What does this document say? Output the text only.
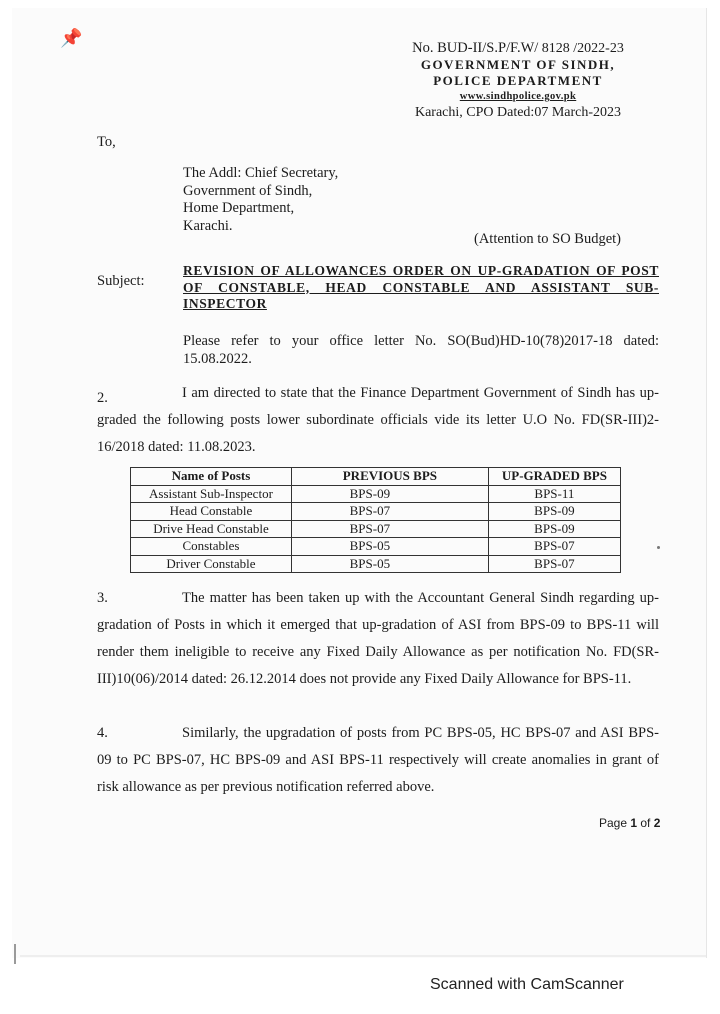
📌	No. BUD-II/S.P/F.W/ 8128 /2022-23
GOVERNMENT OF SINDH,
POLICE DEPARTMENT
www.sindhpolice.gov.pk
Karachi, CPO Dated:07 March-2023
To,
The Addl: Chief Secretary,
Government of Sindh,
Home Department,
Karachi.
(Attention to SO Budget)
Subject:
REVISION OF ALLOWANCES ORDER ON UP-GRADATION OF POST OF CONSTABLE, HEAD CONSTABLE AND ASSISTANT SUB-INSPECTOR
Please refer to your office letter No. SO(Bud)HD-10(78)2017-18 dated: 15.08.2022.
2.	I am directed to state that the Finance Department Government of Sindh has up-graded the following posts lower subordinate officials vide its letter U.O No. FD(SR-III)2-16/2018 dated: 11.08.2023.
Name of Posts	PREVIOUS BPS	UP-GRADED BPS
Assistant Sub-Inspector	BPS-09	BPS-11
Head Constable	BPS-07	BPS-09
Drive Head Constable	BPS-07	BPS-09
Constables	BPS-05	BPS-07
Driver Constable	BPS-05	BPS-07
3.	The matter has been taken up with the Accountant General Sindh regarding up-gradation of Posts in which it emerged that up-gradation of ASI from BPS-09 to BPS-11 will render them ineligible to receive any Fixed Daily Allowance as per notification No. FD(SR-III)10(06)/2014 dated: 26.12.2014 does not provide any Fixed Daily Allowance for BPS-11.
4.	Similarly, the upgradation of posts from PC BPS-05, HC BPS-07 and ASI BPS-09 to PC BPS-07, HC BPS-09 and ASI BPS-11 respectively will create anomalies in grant of risk allowance as per previous notification referred above.
Page 1 of 2
Scanned with CamScanner
